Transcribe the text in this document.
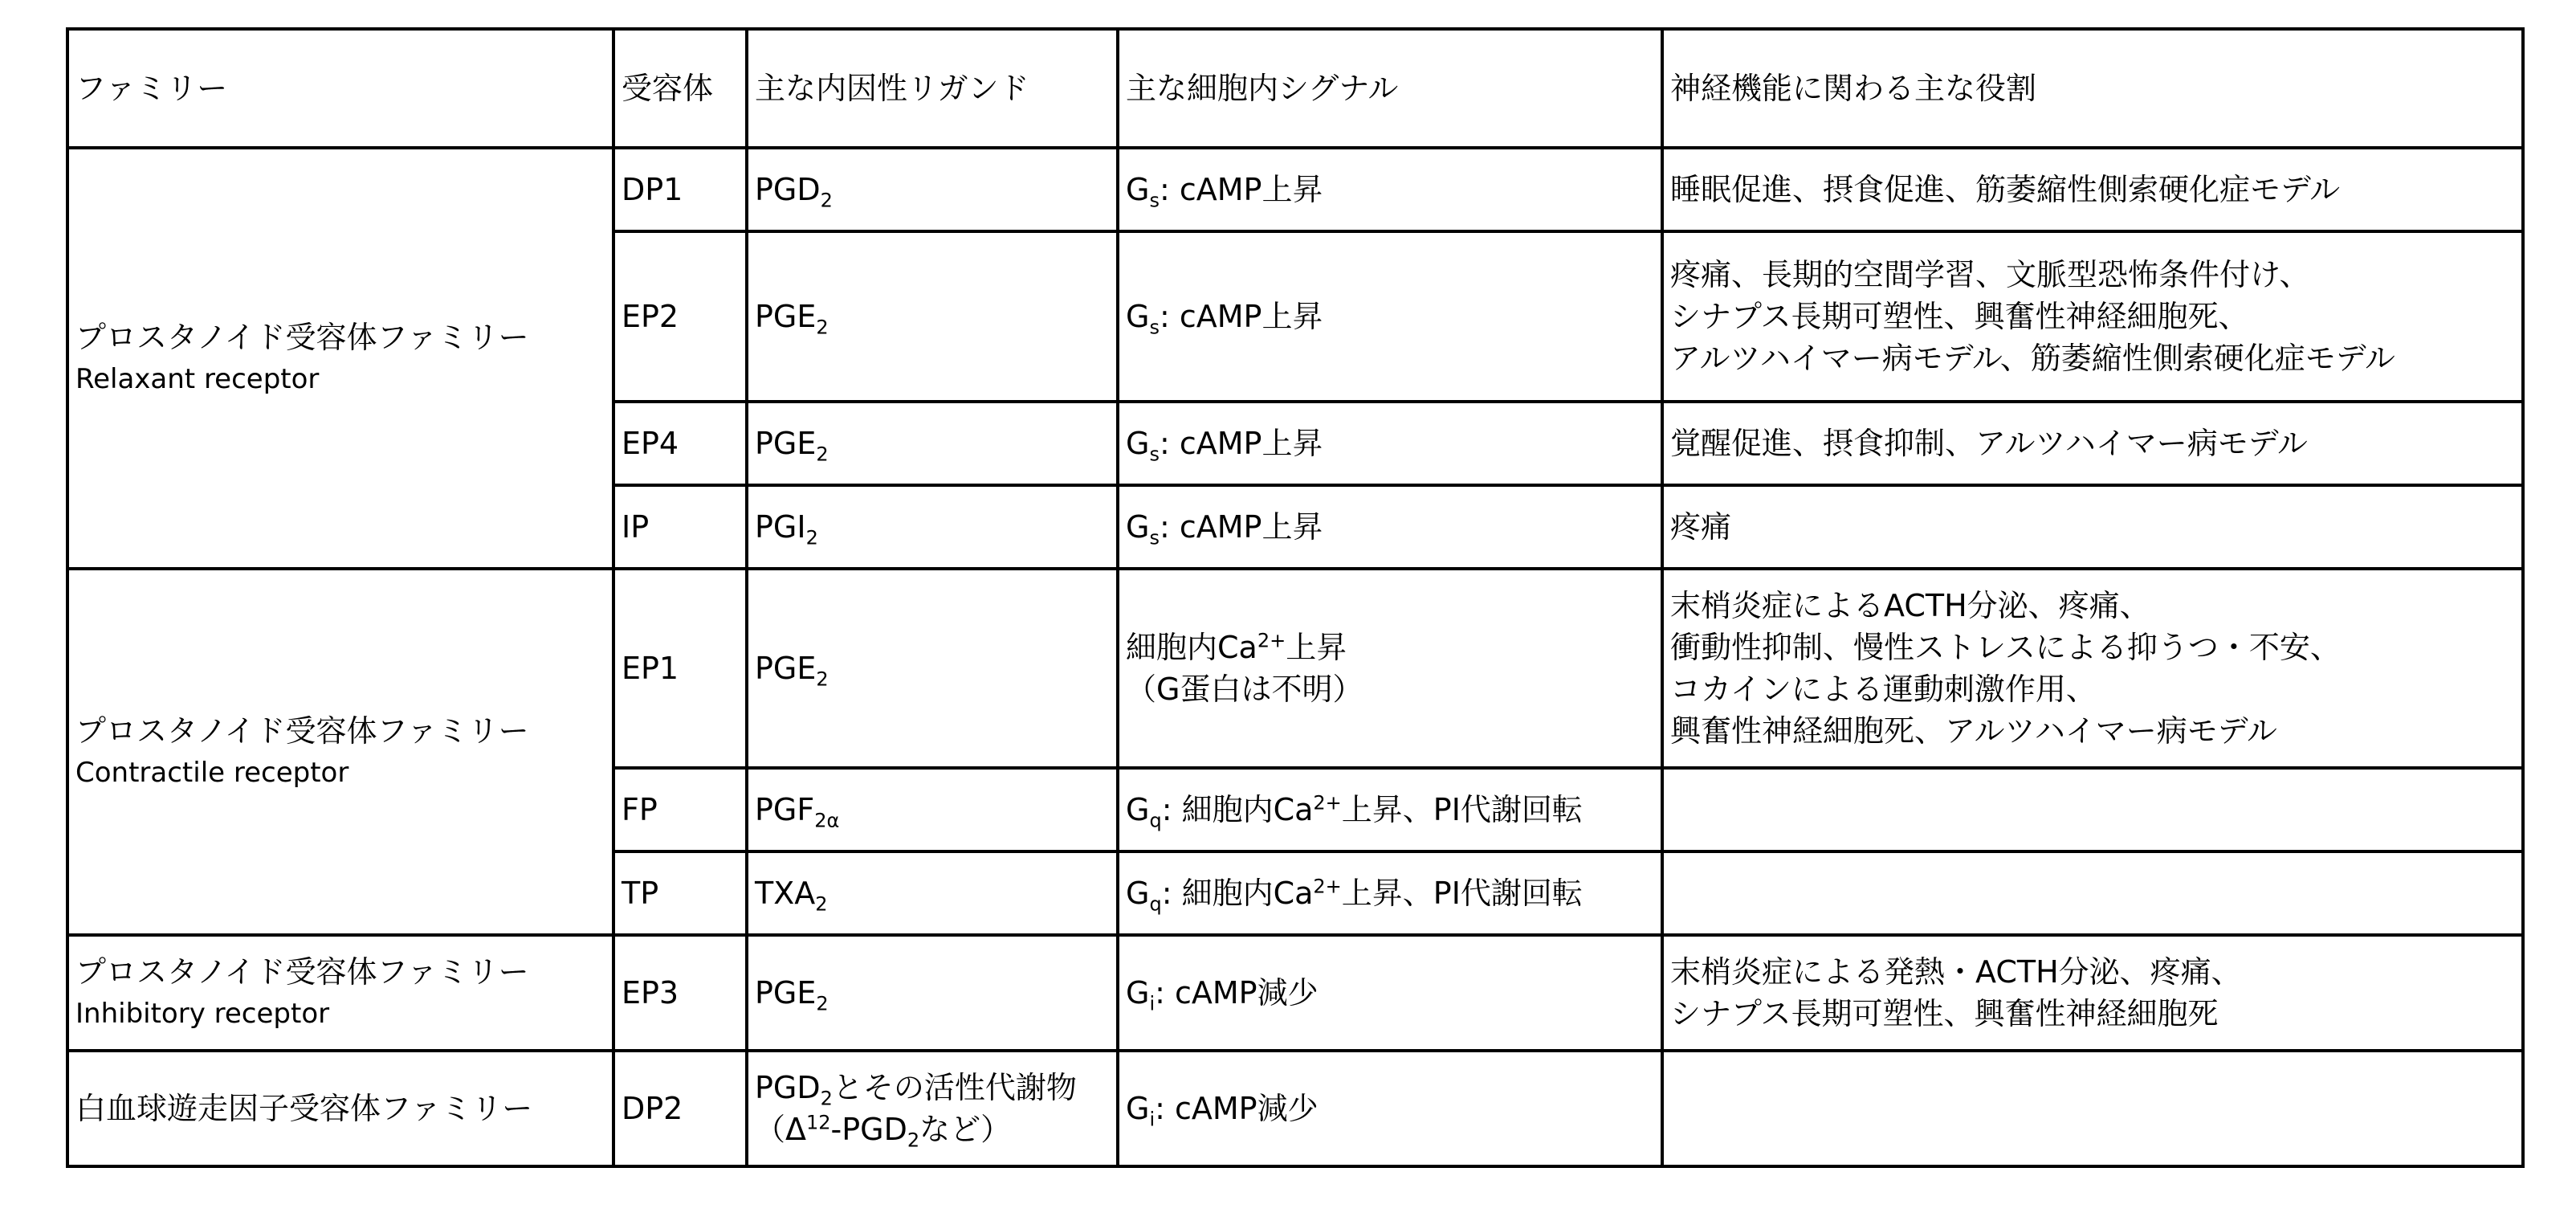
ファミリー	受容体	主な内因性リガンド	主な細胞内シグナル	神経機能に関わる主な役割

プロスタノイド受容体ファミリー
Relaxant receptor	DP1	$PGD_2$	$G_s$: cAMP上昇	睡眠促進、摂食促進、筋萎縮性側索硬化症モデル

	EP2	$PGE_2$	$G_s$: cAMP上昇	疼痛、長期的空間学習、文脈型恐怖条件付け、
シナプス長期可塑性、興奮性神経細胞死、
アルツハイマー病モデル、筋萎縮性側索硬化症モデル

	EP4	$PGE_2$	$G_s$: cAMP上昇	覚醒促進、摂食抑制、アルツハイマー病モデル

	IP	$PGI_2$	$G_s$: cAMP上昇	疼痛

プロスタノイド受容体ファミリー
Contractile receptor	EP1	$PGE_2$	細胞内$Ca^{2+}$上昇
（G蛋白は不明）	末梢炎症によるACTH分泌、疼痛、
衝動性抑制、慢性ストレスによる抑うつ・不安、
コカインによる運動刺激作用、
興奮性神経細胞死、アルツハイマー病モデル

	FP	$PGF_{2\alpha}$	$G_q$: 細胞内$Ca^{2+}$上昇、PI代謝回転	

	TP	$TXA_2$	$G_q$: 細胞内$Ca^{2+}$上昇、PI代謝回転	

プロスタノイド受容体ファミリー
Inhibitory receptor	EP3	$PGE_2$	$G_i$: cAMP減少	末梢炎症による発熱・ACTH分泌、疼痛、
シナプス長期可塑性、興奮性神経細胞死

白血球遊走因子受容体ファミリー	DP2	$PGD_2$とその活性代謝物
（$\Delta^{12}-PGD_2$など）	$G_i$: cAMP減少	
